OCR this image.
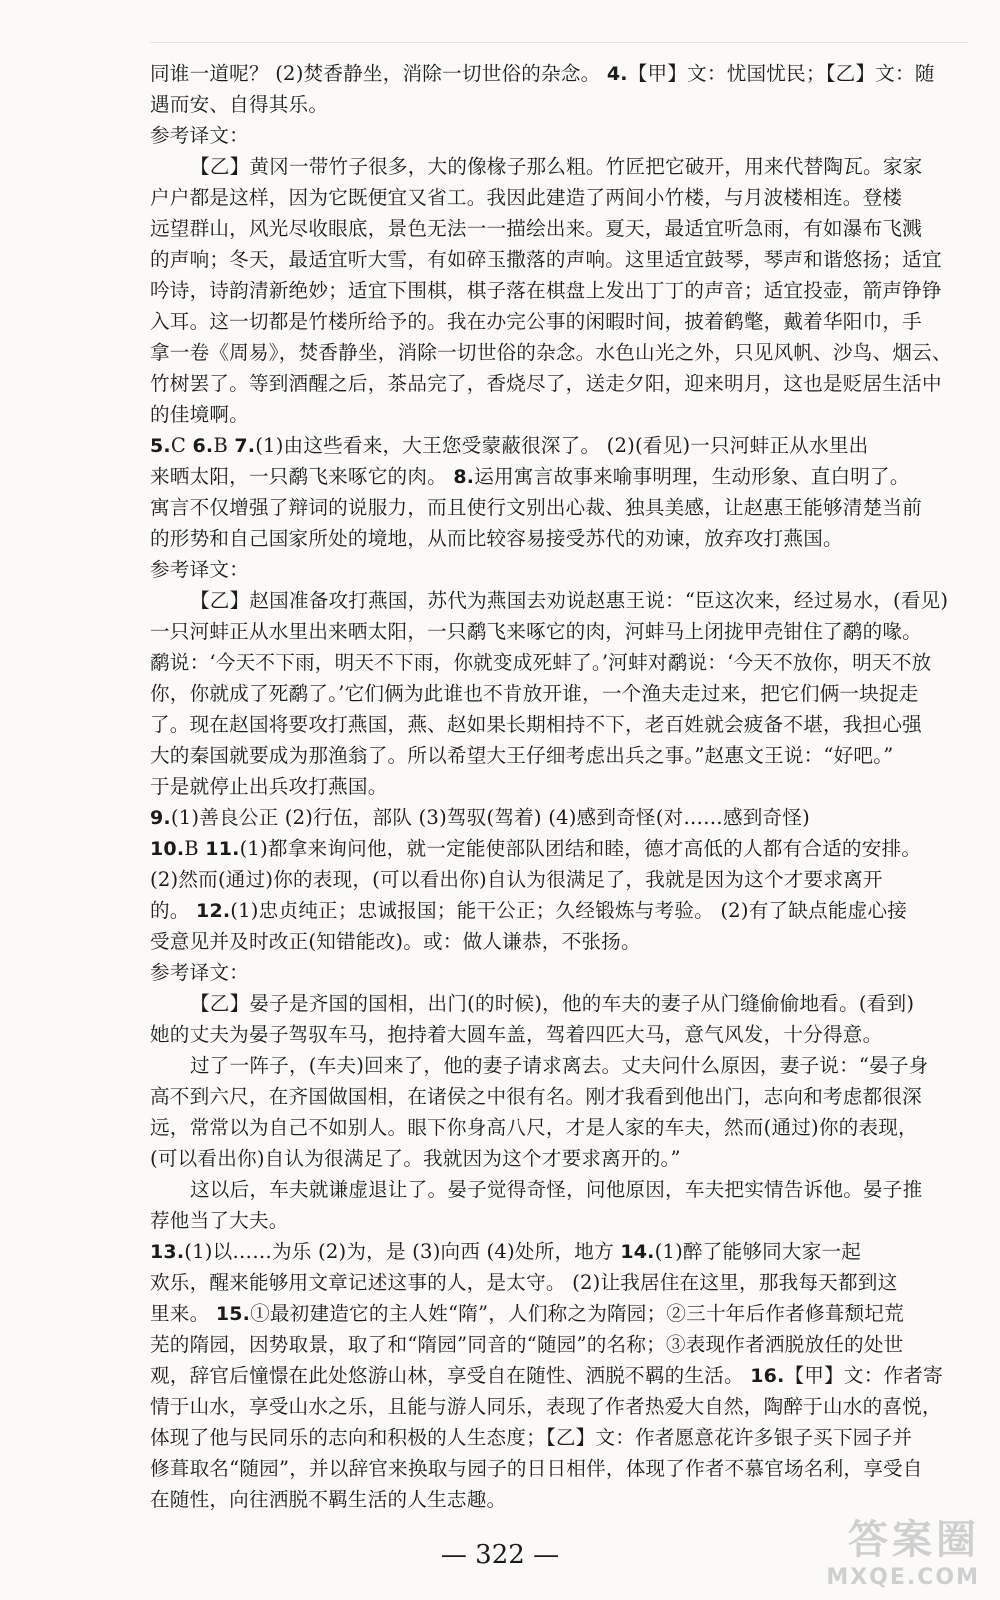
同谁一道呢？ (2)焚香静坐，消除一切世俗的杂念。 4.【甲】文：忧国忧民；【乙】文：随
遇而安、自得其乐。
参考译文：
【乙】黄冈一带竹子很多，大的像椽子那么粗。竹匠把它破开，用来代替陶瓦。家家
户户都是这样，因为它既便宜又省工。我因此建造了两间小竹楼，与月波楼相连。登楼
远望群山，风光尽收眼底，景色无法一一描绘出来。夏天，最适宜听急雨，有如瀑布飞溅
的声响；冬天，最适宜听大雪，有如碎玉撒落的声响。这里适宜鼓琴，琴声和谐悠扬；适宜
吟诗，诗韵清新绝妙；适宜下围棋，棋子落在棋盘上发出丁丁的声音；适宜投壶，箭声铮铮
入耳。这一切都是竹楼所给予的。我在办完公事的闲暇时间，披着鹤氅，戴着华阳巾，手
拿一卷《周易》，焚香静坐，消除一切世俗的杂念。水色山光之外，只见风帆、沙鸟、烟云、
竹树罢了。等到酒醒之后，茶品完了，香烧尽了，送走夕阳，迎来明月，这也是贬居生活中
的佳境啊。
5.C 6.B 7.(1)由这些看来，大王您受蒙蔽很深了。 (2)(看见)一只河蚌正从水里出
来晒太阳，一只鹬飞来啄它的肉。 8.运用寓言故事来喻事明理，生动形象、直白明了。
寓言不仅增强了辩词的说服力，而且使行文别出心裁、独具美感，让赵惠王能够清楚当前
的形势和自己国家所处的境地，从而比较容易接受苏代的劝谏，放弃攻打燕国。
参考译文：
【乙】赵国准备攻打燕国，苏代为燕国去劝说赵惠王说：“臣这次来，经过易水，(看见)
一只河蚌正从水里出来晒太阳，一只鹬飞来啄它的肉，河蚌马上闭拢甲壳钳住了鹬的喙。
鹬说：‘今天不下雨，明天不下雨，你就变成死蚌了。’河蚌对鹬说：‘今天不放你，明天不放
你，你就成了死鹬了。’它们俩为此谁也不肯放开谁，一个渔夫走过来，把它们俩一块捉走
了。现在赵国将要攻打燕国，燕、赵如果长期相持不下，老百姓就会疲备不堪，我担心强
大的秦国就要成为那渔翁了。所以希望大王仔细考虑出兵之事。”赵惠文王说：“好吧。”
于是就停止出兵攻打燕国。
9.(1)善良公正 (2)行伍，部队 (3)驾驭(驾着) (4)感到奇怪(对……感到奇怪)
10.B 11.(1)都拿来询问他，就一定能使部队团结和睦，德才高低的人都有合适的安排。
(2)然而(通过)你的表现，(可以看出你)自认为很满足了，我就是因为这个才要求离开
的。 12.(1)忠贞纯正；忠诚报国；能干公正；久经锻炼与考验。 (2)有了缺点能虚心接
受意见并及时改正(知错能改)。或：做人谦恭，不张扬。
参考译文：
【乙】晏子是齐国的国相，出门(的时候)，他的车夫的妻子从门缝偷偷地看。(看到)
她的丈夫为晏子驾驭车马，抱持着大圆车盖，驾着四匹大马，意气风发，十分得意。
过了一阵子，(车夫)回来了，他的妻子请求离去。丈夫问什么原因，妻子说：“晏子身
高不到六尺，在齐国做国相，在诸侯之中很有名。刚才我看到他出门，志向和考虑都很深
远，常常以为自己不如别人。眼下你身高八尺，才是人家的车夫，然而(通过)你的表现，
(可以看出你)自认为很满足了。我就因为这个才要求离开的。”
这以后，车夫就谦虚退让了。晏子觉得奇怪，问他原因，车夫把实情告诉他。晏子推
荐他当了大夫。
13.(1)以……为乐 (2)为，是 (3)向西 (4)处所，地方 14.(1)醉了能够同大家一起
欢乐，醒来能够用文章记述这事的人，是太守。 (2)让我居住在这里，那我每天都到这
里来。 15.①最初建造它的主人姓“隋”，人们称之为隋园；②三十年后作者修葺颓圮荒
芜的隋园，因势取景，取了和“隋园”同音的“随园”的名称；③表现作者洒脱放任的处世
观，辞官后憧憬在此处悠游山林，享受自在随性、洒脱不羁的生活。 16.【甲】文：作者寄
情于山水，享受山水之乐，且能与游人同乐，表现了作者热爱大自然，陶醉于山水的喜悦，
体现了他与民同乐的志向和积极的人生态度；【乙】文：作者愿意花许多银子买下园子并
修葺取名“随园”，并以辞官来换取与园子的日日相伴，体现了作者不慕官场名利，享受自
在随性，向往洒脱不羁生活的人生志趣。
— 322 —	答案圈
MXQE.COM
